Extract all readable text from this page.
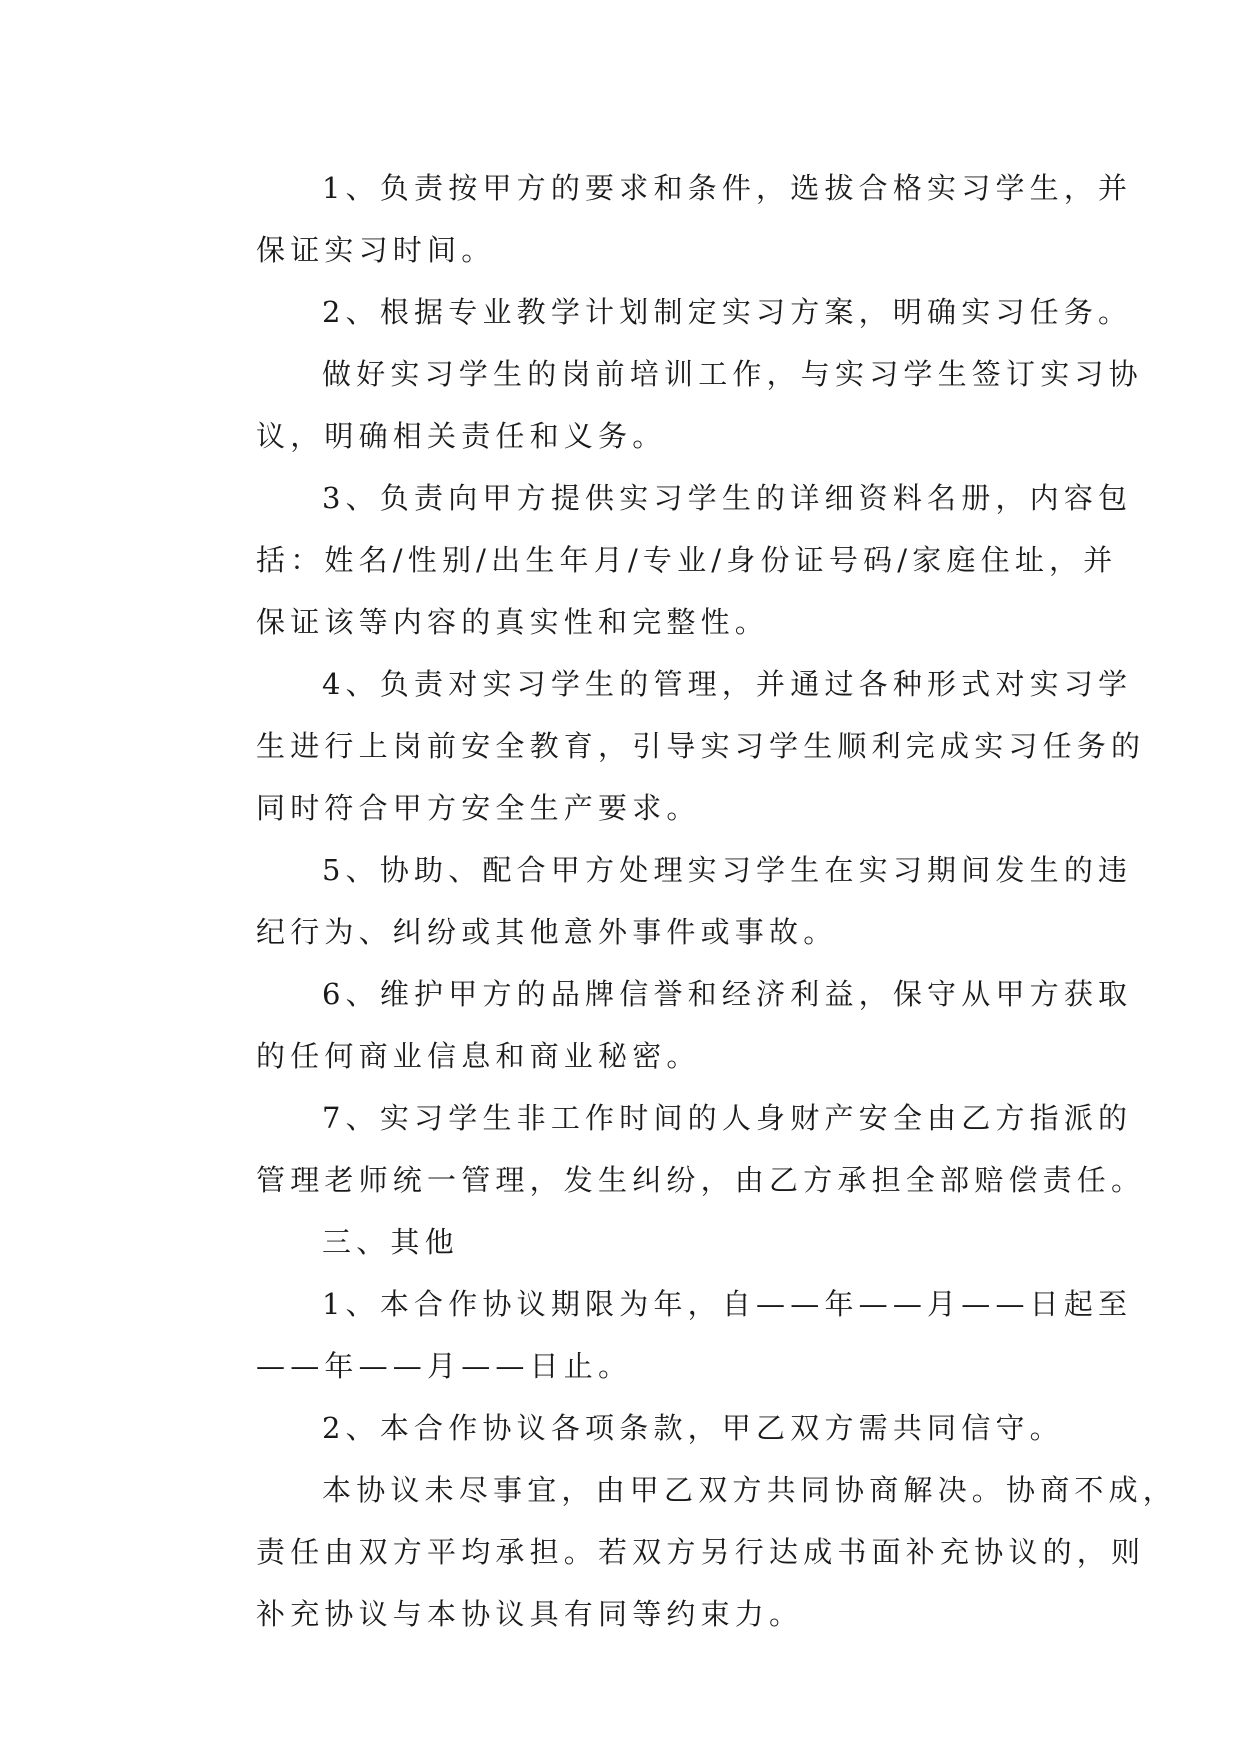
1、负责按甲方的要求和条件，选拔合格实习学生，并
保证实习时间。

2、根据专业教学计划制定实习方案，明确实习任务。

做好实习学生的岗前培训工作，与实习学生签订实习协
议，明确相关责任和义务。

3、负责向甲方提供实习学生的详细资料名册，内容包
括：姓名/性别/出生年月/专业/身份证号码/家庭住址，并
保证该等内容的真实性和完整性。

4、负责对实习学生的管理，并通过各种形式对实习学
生进行上岗前安全教育，引导实习学生顺利完成实习任务的
同时符合甲方安全生产要求。

5、协助、配合甲方处理实习学生在实习期间发生的违
纪行为、纠纷或其他意外事件或事故。

6、维护甲方的品牌信誉和经济利益，保守从甲方获取
的任何商业信息和商业秘密。

7、实习学生非工作时间的人身财产安全由乙方指派的
管理老师统一管理，发生纠纷，由乙方承担全部赔偿责任。

三、其他

1、本合作协议期限为年，自——年——月——日起至
——年——月——日止。

2、本合作协议各项条款，甲乙双方需共同信守。

本协议未尽事宜，由甲乙双方共同协商解决。协商不成，
责任由双方平均承担。若双方另行达成书面补充协议的，则
补充协议与本协议具有同等约束力。
